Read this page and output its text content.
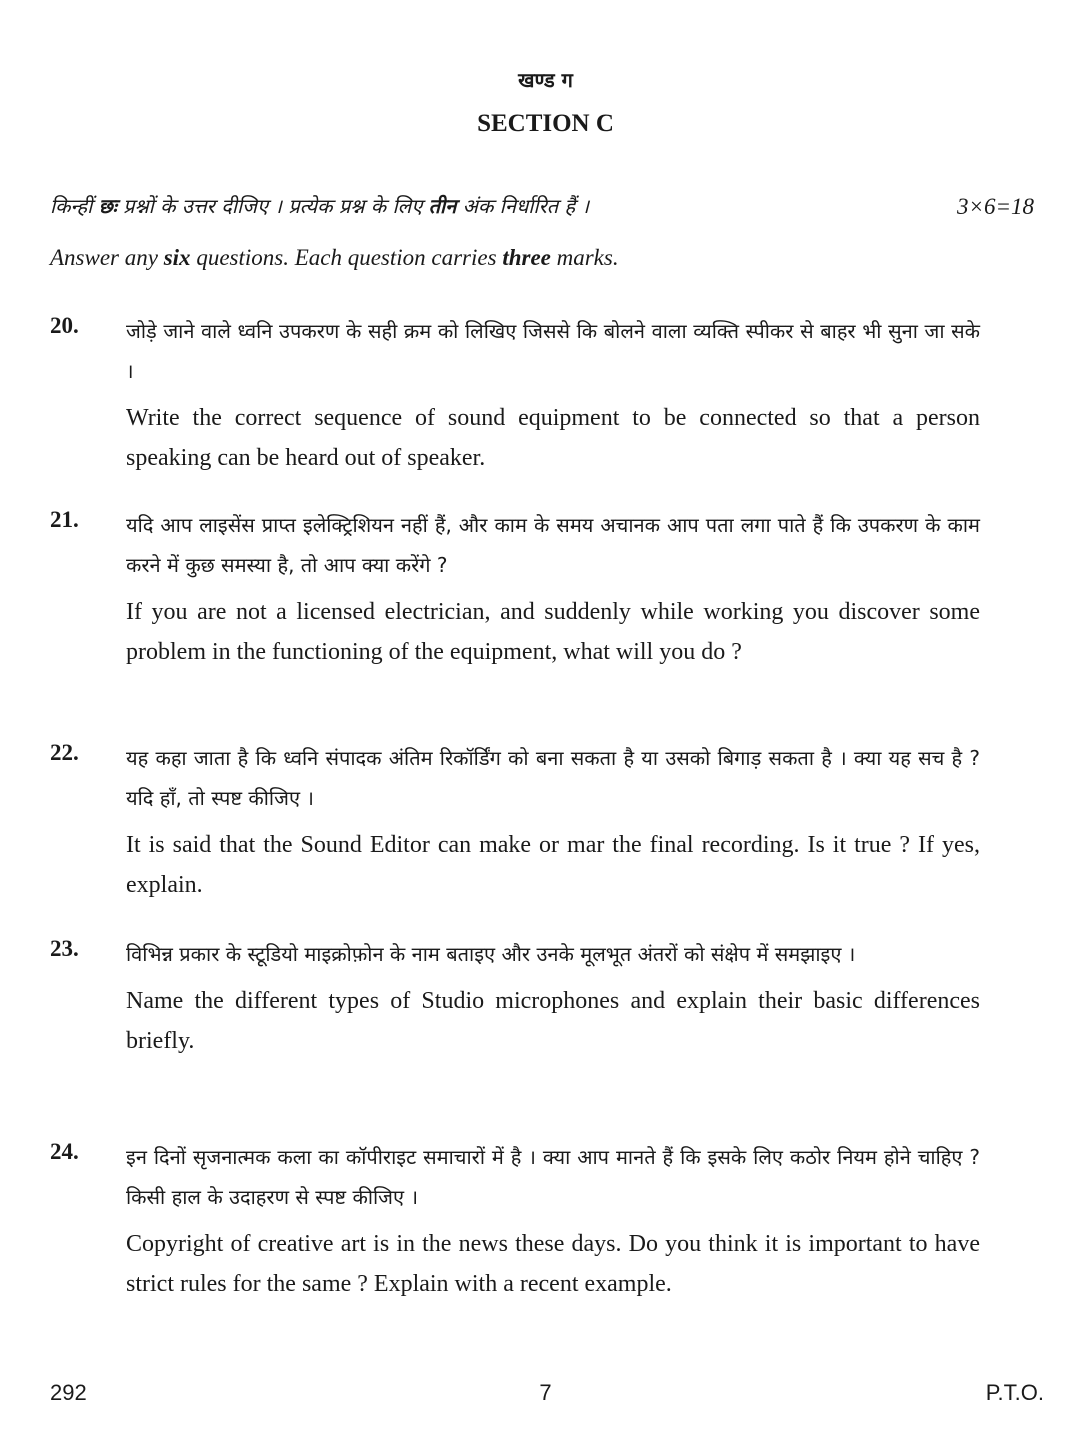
खण्ड ग
SECTION C
किन्हीं छः प्रश्नों के उत्तर दीजिए । प्रत्येक प्रश्न के लिए तीन अंक निर्धारित हैं ।	3×6=18
Answer any six questions. Each question carries three marks.
20. जोड़े जाने वाले ध्वनि उपकरण के सही क्रम को लिखिए जिससे कि बोलने वाला व्यक्ति स्पीकर से बाहर भी सुना जा सके ।

Write the correct sequence of sound equipment to be connected so that a person speaking can be heard out of speaker.

21. यदि आप लाइसेंस प्राप्त इलेक्ट्रिशियन नहीं हैं, और काम के समय अचानक आप पता लगा पाते हैं कि उपकरण के काम करने में कुछ समस्या है, तो आप क्या करेंगे ?

If you are not a licensed electrician, and suddenly while working you discover some problem in the functioning of the equipment, what will you do ?

22. यह कहा जाता है कि ध्वनि संपादक अंतिम रिकॉर्डिंग को बना सकता है या उसको बिगाड़ सकता है । क्या यह सच है ? यदि हाँ, तो स्पष्ट कीजिए ।

It is said that the Sound Editor can make or mar the final recording. Is it true ? If yes, explain.

23. विभिन्न प्रकार के स्टूडियो माइक्रोफ़ोन के नाम बताइए और उनके मूलभूत अंतरों को संक्षेप में समझाइए ।

Name the different types of Studio microphones and explain their basic differences briefly.

24. इन दिनों सृजनात्मक कला का कॉपीराइट समाचारों में है । क्या आप मानते हैं कि इसके लिए कठोर नियम होने चाहिए ? किसी हाल के उदाहरण से स्पष्ट कीजिए ।

Copyright of creative art is in the news these days. Do you think it is important to have strict rules for the same ? Explain with a recent example.

292	7	P.T.O.
